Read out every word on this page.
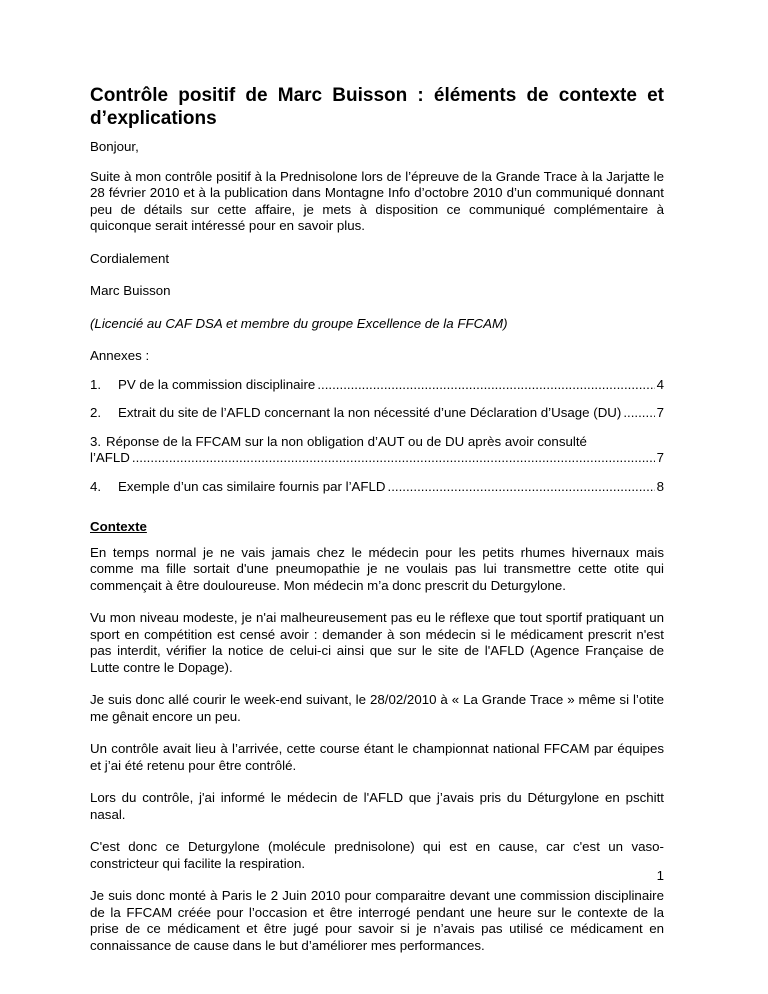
Contrôle positif de Marc Buisson : éléments de contexte et d’explications

Bonjour,

Suite à mon contrôle positif à la Prednisolone lors de l’épreuve de la Grande Trace à la Jarjatte le 28 février 2010 et à la publication dans Montagne Info d’octobre 2010 d’un communiqué donnant peu de détails sur cette affaire, je mets à disposition ce communiqué complémentaire à quiconque serait intéressé pour en savoir plus.

Cordialement

Marc Buisson

(Licencié au CAF DSA et membre du groupe Excellence de la FFCAM)

Annexes :

1.	PV de la commission disciplinaire .....	4
2.	Extrait du site de l’AFLD concernant la non nécessité d’une Déclaration d’Usage (DU) .....	7
3. Réponse de la FFCAM sur la non obligation d’AUT ou de DU après avoir consulté
l’AFLD .....	7
4.	Exemple d’un cas similaire fournis par l’AFLD .....	8
Contexte

En temps normal je ne vais jamais chez le médecin pour les petits rhumes hivernaux mais comme ma fille sortait d'une pneumopathie je ne voulais pas lui transmettre cette otite qui commençait à être douloureuse. Mon médecin m’a donc prescrit du Deturgylone.

Vu mon niveau modeste, je n'ai malheureusement pas eu le réflexe que tout sportif pratiquant un sport en compétition est censé avoir : demander à son médecin si le médicament prescrit n'est pas interdit, vérifier la notice de celui-ci ainsi que sur le site de l'AFLD (Agence Française de Lutte contre le Dopage).

Je suis donc allé courir le week-end suivant, le 28/02/2010 à « La Grande Trace » même si l’otite me gênait encore un peu.

Un contrôle avait lieu à l’arrivée, cette course étant le championnat national FFCAM par équipes et j’ai été retenu pour être contrôlé.

Lors du contrôle, j'ai informé le médecin de l'AFLD que j’avais pris du Déturgylone en pschitt nasal.

C'est donc ce Deturgylone (molécule prednisolone) qui est en cause, car c'est un vaso-constricteur qui facilite la respiration.

Je suis donc monté à Paris le 2 Juin 2010 pour comparaitre devant une commission disciplinaire de la FFCAM créée pour l’occasion et être interrogé pendant une heure sur le contexte de la prise de ce médicament et être jugé pour savoir si je n’avais pas utilisé ce médicament en connaissance de cause dans le but d’améliorer mes performances.

1
